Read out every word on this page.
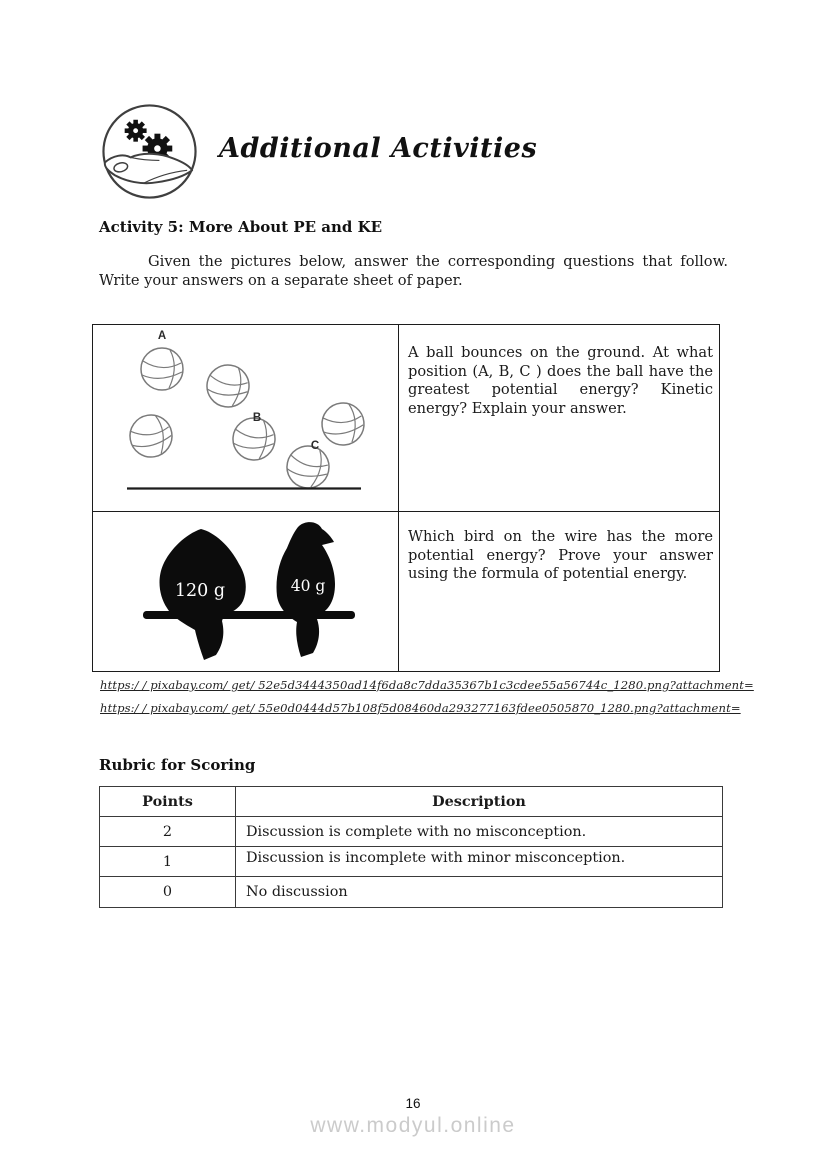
Additional Activities
Activity 5: More About PE and KE
Given the pictures below, answer the corresponding questions that follow. Write your answers on a separate sheet of paper.
A
B
C
A ball bounces on the ground. At what position (A, B, C ) does the ball have the greatest potential energy? Kinetic energy? Explain your answer.
120 g	40 g
Which bird on the wire has the more potential energy? Prove your answer using the formula of potential energy.
https:/ / pixabay.com/ get/ 52e5d3444350ad14f6da8c7dda35367b1c3cdee55a56744c_1280.png?attachment=
https:/ / pixabay.com/ get/ 55e0d0444d57b108f5d08460da293277163fdee0505870_1280.png?attachment=
Rubric for Scoring
Points	Description
2	Discussion is complete with no misconception.
1	Discussion is incomplete with minor misconception.
0	No discussion
16
www.modyul.online
